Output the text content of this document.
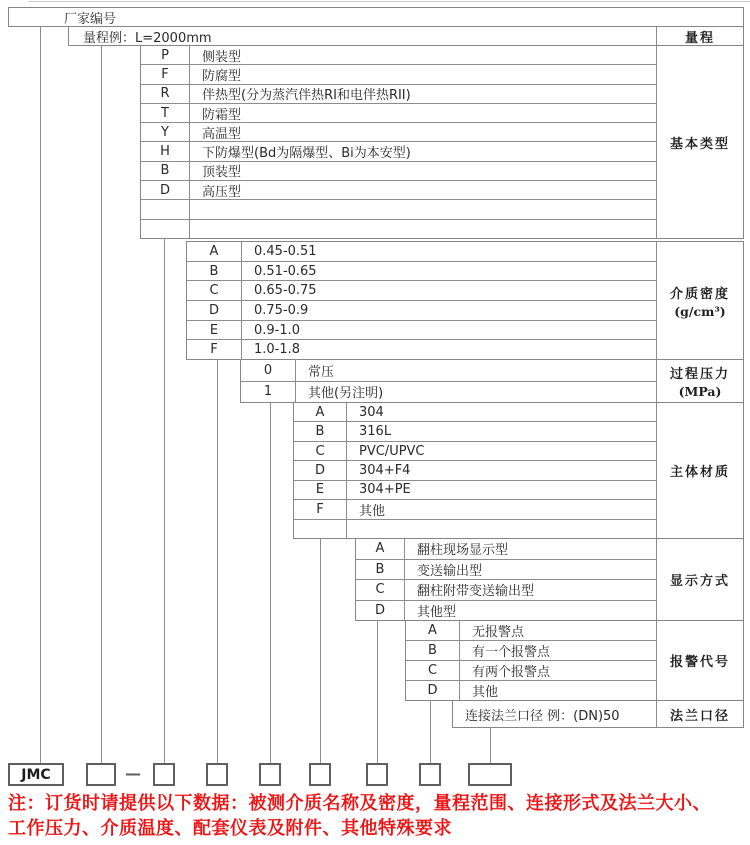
厂家编号
量程例：L=2000mm	量程
P	侧装型
F	防腐型
R	伴热型(分为蒸汽伴热RI和电伴热RII)
T	防霜型
Y	高温型
H	下防爆型(Bd为隔爆型、Bi为本安型)
B	顶装型
D	高压型
基本类型
A	0.45-0.51
B	0.51-0.65
C	0.65-0.75
D	0.75-0.9
E	0.9-1.0
F	1.0-1.8
介质密度
(g/cm³)
0	常压
1	其他(另注明)
过程压力
(MPa)
A	304
B	316L
C	PVC/UPVC
D	304+F4
E	304+PE
F	其他
主体材质
A	翻柱现场显示型
B	变送输出型
C	翻柱附带变送输出型
D	其他型
显示方式
A	无报警点
B	有一个报警点
C	有两个报警点
D	其他
报警代号
连接法兰口径 例：(DN)50	法兰口径
JMC	—
注：订货时请提供以下数据：被测介质名称及密度，量程范围、连接形式及法兰大小、工作压力、介质温度、配套仪表及附件、其他特殊要求
